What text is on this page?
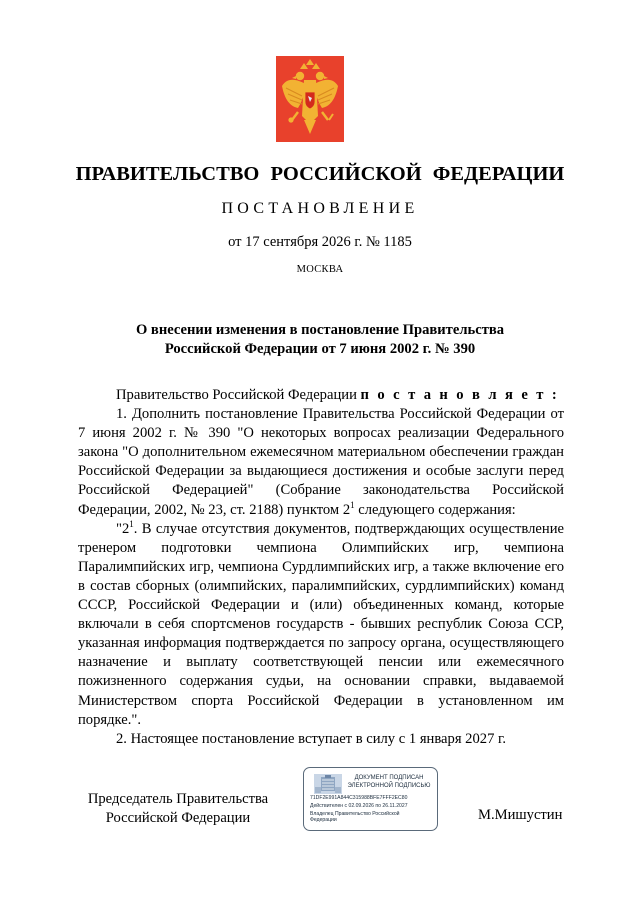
ПРАВИТЕЛЬСТВО РОССИЙСКОЙ ФЕДЕРАЦИИ
ПОСТАНОВЛЕНИЕ
от 17 сентября 2026 г. № 1185
МОСКВА
О внесении изменения в постановление Правительства
Российской Федерации от 7 июня 2002 г. № 390

Правительство Российской Федерации п о с т а н о в л я е т :

1. Дополнить постановление Правительства Российской Федерации от 7 июня 2002 г. № 390 "О некоторых вопросах реализации Федерального закона "О дополнительном ежемесячном материальном обеспечении граждан Российской Федерации за выдающиеся достижения и особые заслуги перед Российской Федерацией" (Собрание законодательства Российской Федерации, 2002, № 23, ст. 2188) пунктом $2^1$ следующего содержания:

"$2^1$. В случае отсутствия документов, подтверждающих осуществление тренером подготовки чемпиона Олимпийских игр, чемпиона Паралимпийских игр, чемпиона Сурдлимпийских игр, а также включение его в состав сборных (олимпийских, паралимпийских, сурдлимпийских) команд СССР, Российской Федерации и (или) объединенных команд, которые включали в себя спортсменов государств - бывших республик Союза ССР, указанная информация подтверждается по запросу органа, осуществляющего назначение и выплату соответствующей пенсии или ежемесячного пожизненного содержания судьи, на основании справки, выдаваемой Министерством спорта Российской Федерации в установленном им порядке.".

2. Настоящее постановление вступает в силу с 1 января 2027 г.

Председатель Правительства
Российской Федерации
ДОКУМЕНТ ПОДПИСАН
ЭЛЕКТРОННОЙ ПОДПИСЬЮ
71DF2E991A844C315988BFE7FFF2EC80
Действителен с 02.09.2026 по 26.11.2027
Владелец Правительство Российской
Федерации	М.Мишустин
